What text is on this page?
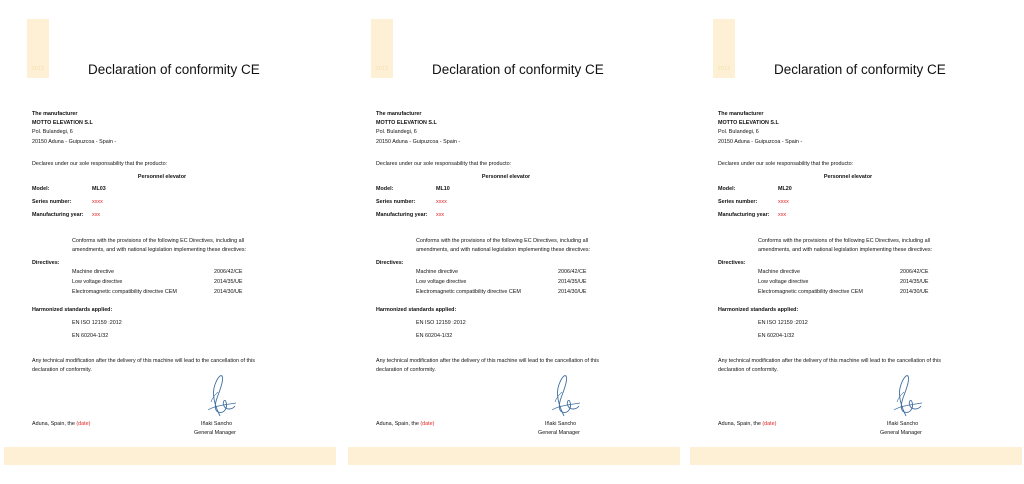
2012	Declaration of conformity CE
The manufacturer
MOTTO ELEVATION S.L
Pol. Bulandegi, 6
20150 Aduna - Guipuzcoa - Spain -
Declares under our sole responsability that the producto:
Personnel elevator
Model:	ML03
Series number:	xxxx
Manufacturing year: xxx
Conforms with the provisions of the following EC Directives, including all
amendments, and with national legislation implementing these directives:
Directives:
Machine directive	2006/42/CE
Low voltage directive	2014/35/UE
Electromagnetic compatibility directive CEM	2014/30/UE
Harmonized standards applied:
EN ISO 12159 :2012
EN 60204-1/32
Any technical modification after the delivery of this machine will lead to the cancellation of this
declaration of conformity.
Aduna, Spain, the (date)	Iñaki Sancho
General Manager
2012	Declaration of conformity CE
The manufacturer
MOTTO ELEVATION S.L
Pol. Bulandegi, 6
20150 Aduna - Guipuzcoa - Spain -
Declares under our sole responsability that the producto:
Personnel elevator
Model:	ML10
Series number:	xxxx
Manufacturing year: xxx
Conforms with the provisions of the following EC Directives, including all
amendments, and with national legislation implementing these directives:
Directives:
Machine directive	2006/42/CE
Low voltage directive	2014/35/UE
Electromagnetic compatibility directive CEM	2014/30/UE
Harmonized standards applied:
EN ISO 12159 :2012
EN 60204-1/32
Any technical modification after the delivery of this machine will lead to the cancellation of this
declaration of conformity.
Aduna, Spain, the (date)	Iñaki Sancho
General Manager
2012	Declaration of conformity CE
The manufacturer
MOTTO ELEVATION S.L
Pol. Bulandegi, 6
20150 Aduna - Guipuzcoa - Spain -
Declares under our sole responsability that the producto:
Personnel elevator
Model:	ML20
Series number:	xxxx
Manufacturing year: xxx
Conforms with the provisions of the following EC Directives, including all
amendments, and with national legislation implementing these directives:
Directives:
Machine directive	2006/42/CE
Low voltage directive	2014/35/UE
Electromagnetic compatibility directive CEM	2014/30/UE
Harmonized standards applied:
EN ISO 12159 :2012
EN 60204-1/32
Any technical modification after the delivery of this machine will lead to the cancellation of this
declaration of conformity.
Aduna, Spain, the (date)	Iñaki Sancho
General Manager
